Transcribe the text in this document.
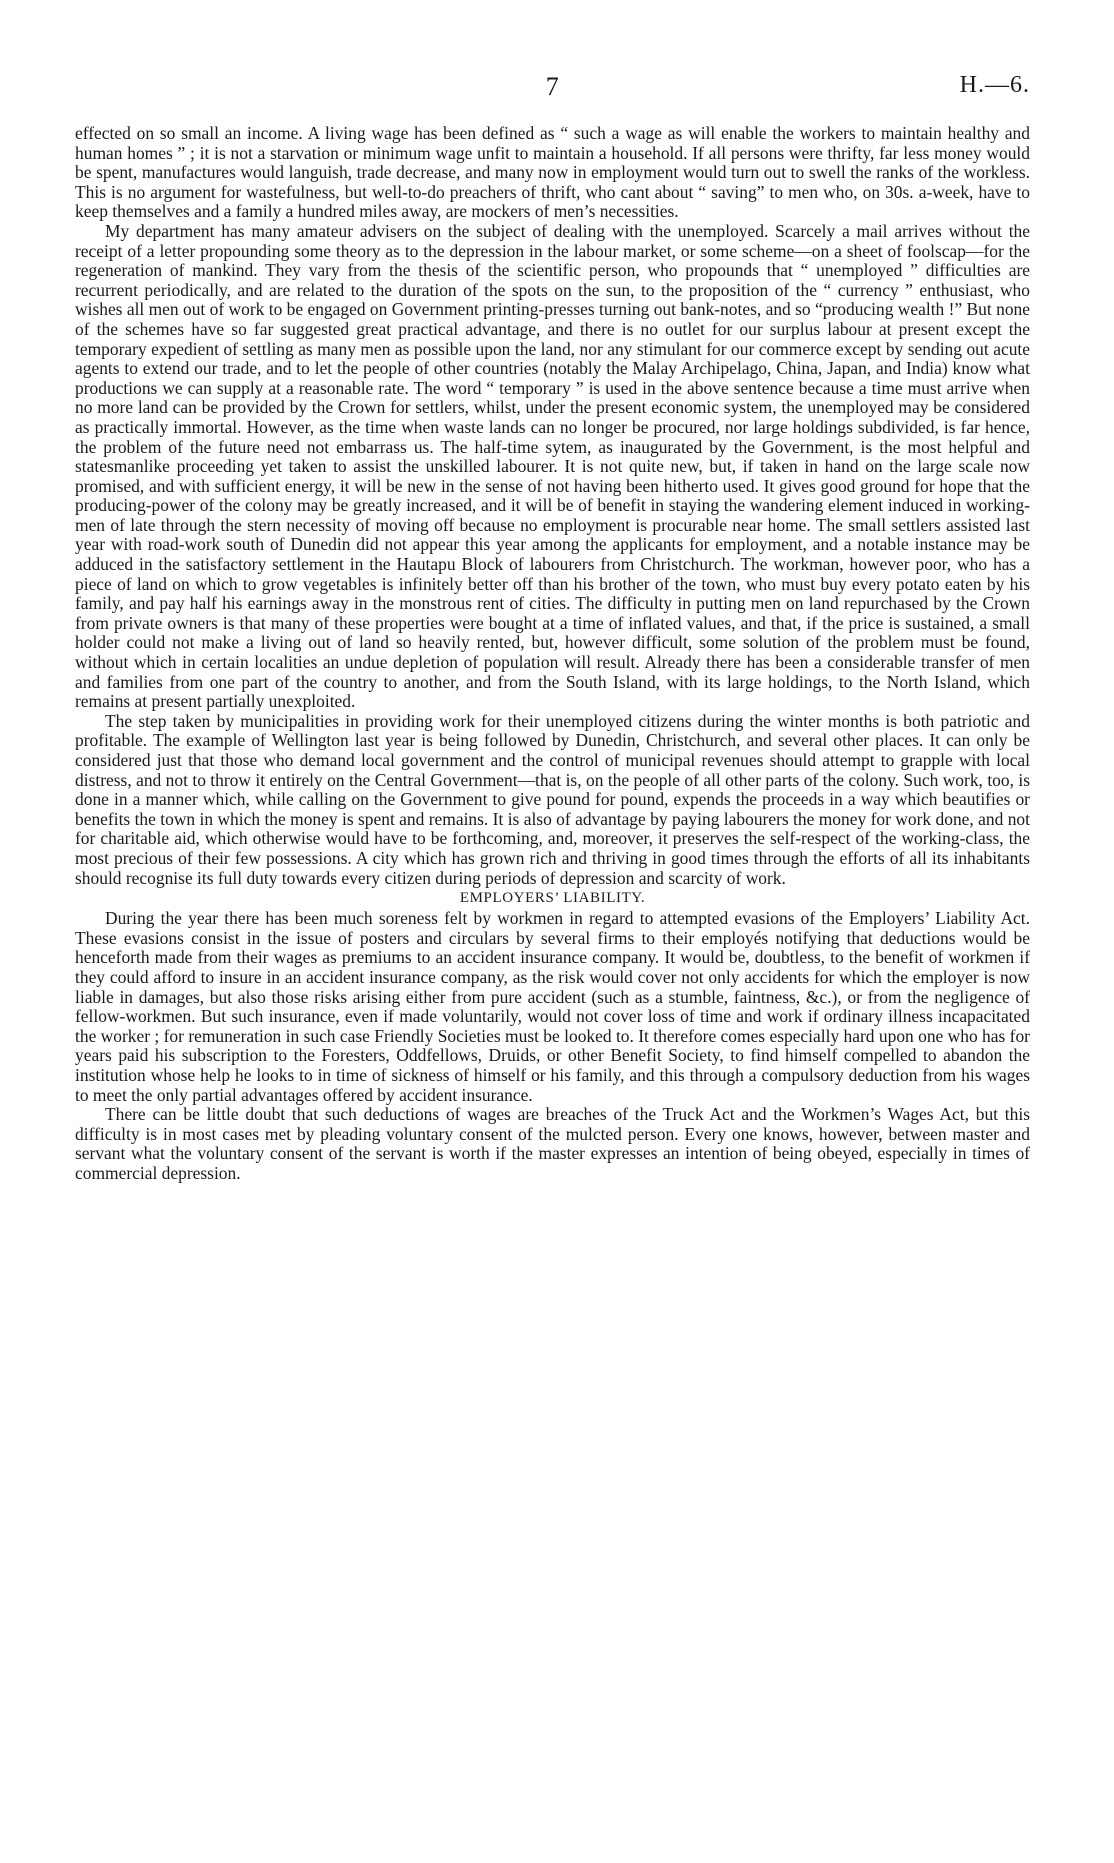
7	H.—6.

effected on so small an income. A living wage has been defined as “ such a wage as will enable the workers to maintain healthy and human homes ” ; it is not a starvation or minimum wage unfit to maintain a household. If all persons were thrifty, far less money would be spent, manufactures would languish, trade decrease, and many now in employment would turn out to swell the ranks of the workless. This is no argument for wastefulness, but well-to-do preachers of thrift, who cant about “ saving” to men who, on 30s. a-week, have to keep themselves and a family a hundred miles away, are mockers of men’s necessities.

My department has many amateur advisers on the subject of dealing with the unemployed. Scarcely a mail arrives without the receipt of a letter propounding some theory as to the depression in the labour market, or some scheme—on a sheet of foolscap—for the regeneration of mankind. They vary from the thesis of the scientific person, who propounds that “ unemployed ” difficulties are recurrent periodically, and are related to the duration of the spots on the sun, to the proposition of the “ currency ” enthusiast, who wishes all men out of work to be engaged on Government printing-presses turning out bank-notes, and so “producing wealth !” But none of the schemes have so far suggested great practical advantage, and there is no outlet for our surplus labour at present except the temporary expedient of settling as many men as possible upon the land, nor any stimulant for our commerce except by sending out acute agents to extend our trade, and to let the people of other countries (notably the Malay Archipelago, China, Japan, and India) know what productions we can supply at a reasonable rate. The word “ temporary ” is used in the above sentence because a time must arrive when no more land can be provided by the Crown for settlers, whilst, under the present economic system, the unemployed may be considered as practically immortal. However, as the time when waste lands can no longer be procured, nor large holdings subdivided, is far hence, the problem of the future need not embarrass us. The half-time sytem, as inaugurated by the Government, is the most helpful and statesmanlike proceeding yet taken to assist the unskilled labourer. It is not quite new, but, if taken in hand on the large scale now promised, and with sufficient energy, it will be new in the sense of not having been hitherto used. It gives good ground for hope that the producing-power of the colony may be greatly increased, and it will be of benefit in staying the wandering element induced in working-men of late through the stern necessity of moving off because no employment is procurable near home. The small settlers assisted last year with road-work south of Dunedin did not appear this year among the applicants for employment, and a notable instance may be adduced in the satisfactory settlement in the Hautapu Block of labourers from Christchurch. The workman, however poor, who has a piece of land on which to grow vegetables is infinitely better off than his brother of the town, who must buy every potato eaten by his family, and pay half his earnings away in the monstrous rent of cities. The difficulty in putting men on land repurchased by the Crown from private owners is that many of these properties were bought at a time of inflated values, and that, if the price is sustained, a small holder could not make a living out of land so heavily rented, but, however difficult, some solution of the problem must be found, without which in certain localities an undue depletion of population will result. Already there has been a considerable transfer of men and families from one part of the country to another, and from the South Island, with its large holdings, to the North Island, which remains at present partially unexploited.

The step taken by municipalities in providing work for their unemployed citizens during the winter months is both patriotic and profitable. The example of Wellington last year is being followed by Dunedin, Christchurch, and several other places. It can only be considered just that those who demand local government and the control of municipal revenues should attempt to grapple with local distress, and not to throw it entirely on the Central Government—that is, on the people of all other parts of the colony. Such work, too, is done in a manner which, while calling on the Government to give pound for pound, expends the proceeds in a way which beautifies or benefits the town in which the money is spent and remains. It is also of advantage by paying labourers the money for work done, and not for charitable aid, which otherwise would have to be forthcoming, and, moreover, it preserves the self-respect of the working-class, the most precious of their few possessions. A city which has grown rich and thriving in good times through the efforts of all its inhabitants should recognise its full duty towards every citizen during periods of depression and scarcity of work.

EMPLOYERS’ LIABILITY.

During the year there has been much soreness felt by workmen in regard to attempted evasions of the Employers’ Liability Act. These evasions consist in the issue of posters and circulars by several firms to their employés notifying that deductions would be henceforth made from their wages as premiums to an accident insurance company. It would be, doubtless, to the benefit of workmen if they could afford to insure in an accident insurance company, as the risk would cover not only accidents for which the employer is now liable in damages, but also those risks arising either from pure accident (such as a stumble, faintness, &c.), or from the negligence of fellow-workmen. But such insurance, even if made voluntarily, would not cover loss of time and work if ordinary illness incapacitated the worker ; for remuneration in such case Friendly Societies must be looked to. It therefore comes especially hard upon one who has for years paid his subscription to the Foresters, Oddfellows, Druids, or other Benefit Society, to find himself compelled to abandon the institution whose help he looks to in time of sickness of himself or his family, and this through a compulsory deduction from his wages to meet the only partial advantages offered by accident insurance.

There can be little doubt that such deductions of wages are breaches of the Truck Act and the Workmen’s Wages Act, but this difficulty is in most cases met by pleading voluntary consent of the mulcted person. Every one knows, however, between master and servant what the voluntary consent of the servant is worth if the master expresses an intention of being obeyed, especially in times of commercial depression.
